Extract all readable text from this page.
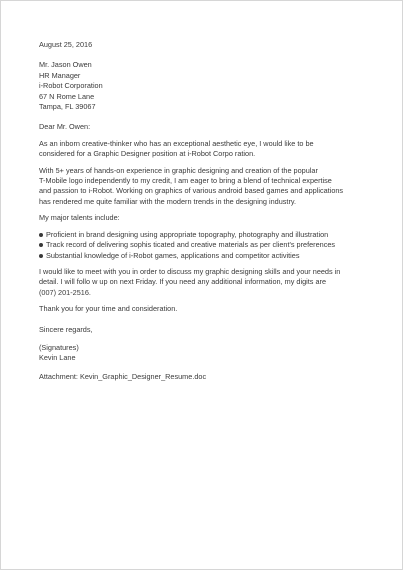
August 25, 2016
Mr. Jason Owen
HR Manager
i-Robot Corporation
67 N Rome Lane
Tampa, FL 39067
Dear Mr. Owen:
As an inborn creative-thinker who has an exceptional aesthetic eye, I would like to be
considered for a Graphic Designer position at i-Robot Corpo ration.
With 5+ years of hands-on experience in graphic designing and creation of the popular
T-Mobile logo independently to my credit, I am eager to bring a blend of technical expertise
and passion to i-Robot. Working on graphics of various android based games and applications
has rendered me quite familiar with the modern trends in the designing industry.
My major talents include:
Proficient in brand designing using appropriate topography, photography and illustration
Track record of delivering sophis ticated and creative materials as per client's preferences
Substantial knowledge of i-Robot games, applications and competitor activities
I would like to meet with you in order to discuss my graphic designing skills and your needs in
detail. I will follo w up on next Friday. If you need any additional information, my digits are
(007) 201-2516.
Thank you for your time and consideration.
Sincere regards,
(Signatures)
Kevin Lane
Attachment: Kevin_Graphic_Designer_Resume.doc
